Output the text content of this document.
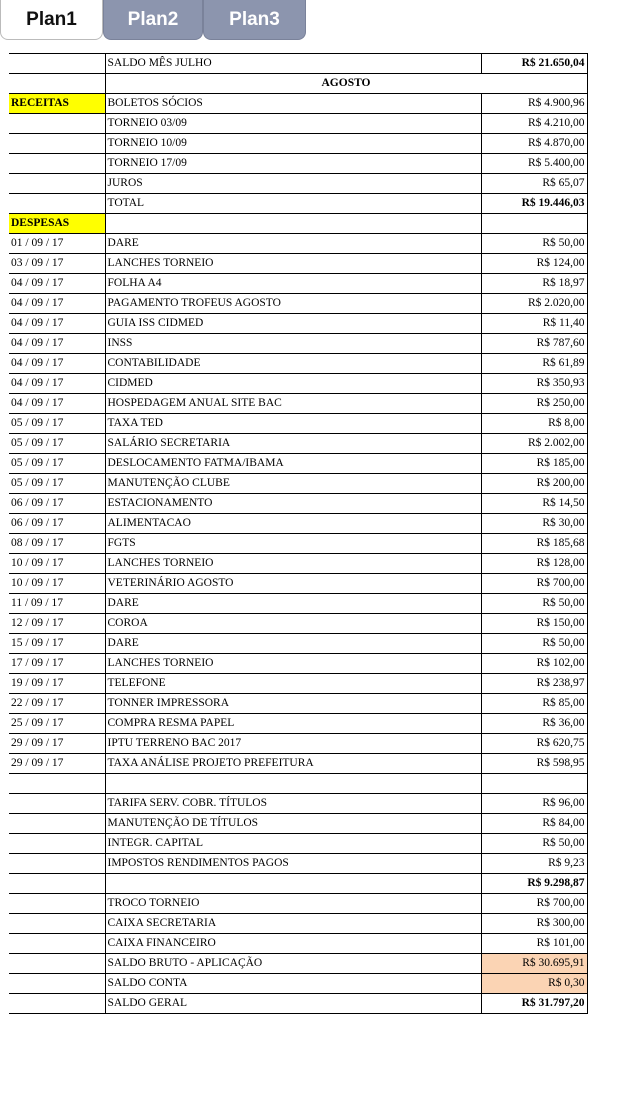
Plan1	Plan2	Plan3
	SALDO MÊS JULHO	R$ 21.650,04
	AGOSTO	
RECEITAS	BOLETOS SÓCIOS	R$ 4.900,96
	TORNEIO 03/09	R$ 4.210,00
	TORNEIO 10/09	R$ 4.870,00
	TORNEIO 17/09	R$ 5.400,00
	JUROS	R$ 65,07
	TOTAL	R$ 19.446,03
DESPESAS		
01 / 09 / 17	DARE	R$ 50,00
03 / 09 / 17	LANCHES TORNEIO	R$ 124,00
04 / 09 / 17	FOLHA A4	R$ 18,97
04 / 09 / 17	PAGAMENTO TROFEUS AGOSTO	R$ 2.020,00
04 / 09 / 17	GUIA ISS CIDMED	R$ 11,40
04 / 09 / 17	INSS	R$ 787,60
04 / 09 / 17	CONTABILIDADE	R$ 61,89
04 / 09 / 17	CIDMED	R$ 350,93
04 / 09 / 17	HOSPEDAGEM ANUAL SITE BAC	R$ 250,00
05 / 09 / 17	TAXA TED	R$ 8,00
05 / 09 / 17	SALÁRIO SECRETARIA	R$ 2.002,00
05 / 09 / 17	DESLOCAMENTO FATMA/IBAMA	R$ 185,00
05 / 09 / 17	MANUTENÇÃO CLUBE	R$ 200,00
06 / 09 / 17	ESTACIONAMENTO	R$ 14,50
06 / 09 / 17	ALIMENTACAO	R$ 30,00
08 / 09 / 17	FGTS	R$ 185,68
10 / 09 / 17	LANCHES TORNEIO	R$ 128,00
10 / 09 / 17	VETERINÁRIO AGOSTO	R$ 700,00
11 / 09 / 17	DARE	R$ 50,00
12 / 09 / 17	COROA	R$ 150,00
15 / 09 / 17	DARE	R$ 50,00
17 / 09 / 17	LANCHES TORNEIO	R$ 102,00
19 / 09 / 17	TELEFONE	R$ 238,97
22 / 09 / 17	TONNER IMPRESSORA	R$ 85,00
25 / 09 / 17	COMPRA RESMA PAPEL	R$ 36,00
29 / 09 / 17	IPTU TERRENO BAC 2017	R$ 620,75
29 / 09 / 17	TAXA ANÁLISE PROJETO PREFEITURA	R$ 598,95

	TARIFA SERV. COBR. TÍTULOS	R$ 96,00
	MANUTENÇÃO DE TÍTULOS	R$ 84,00
	INTEGR. CAPITAL	R$ 50,00
	IMPOSTOS RENDIMENTOS PAGOS	R$ 9,23
		R$ 9.298,87
	TROCO TORNEIO	R$ 700,00
	CAIXA SECRETARIA	R$ 300,00
	CAIXA FINANCEIRO	R$ 101,00
	SALDO BRUTO - APLICAÇÃO	R$ 30.695,91
	SALDO CONTA	R$ 0,30
	SALDO GERAL	R$ 31.797,20
